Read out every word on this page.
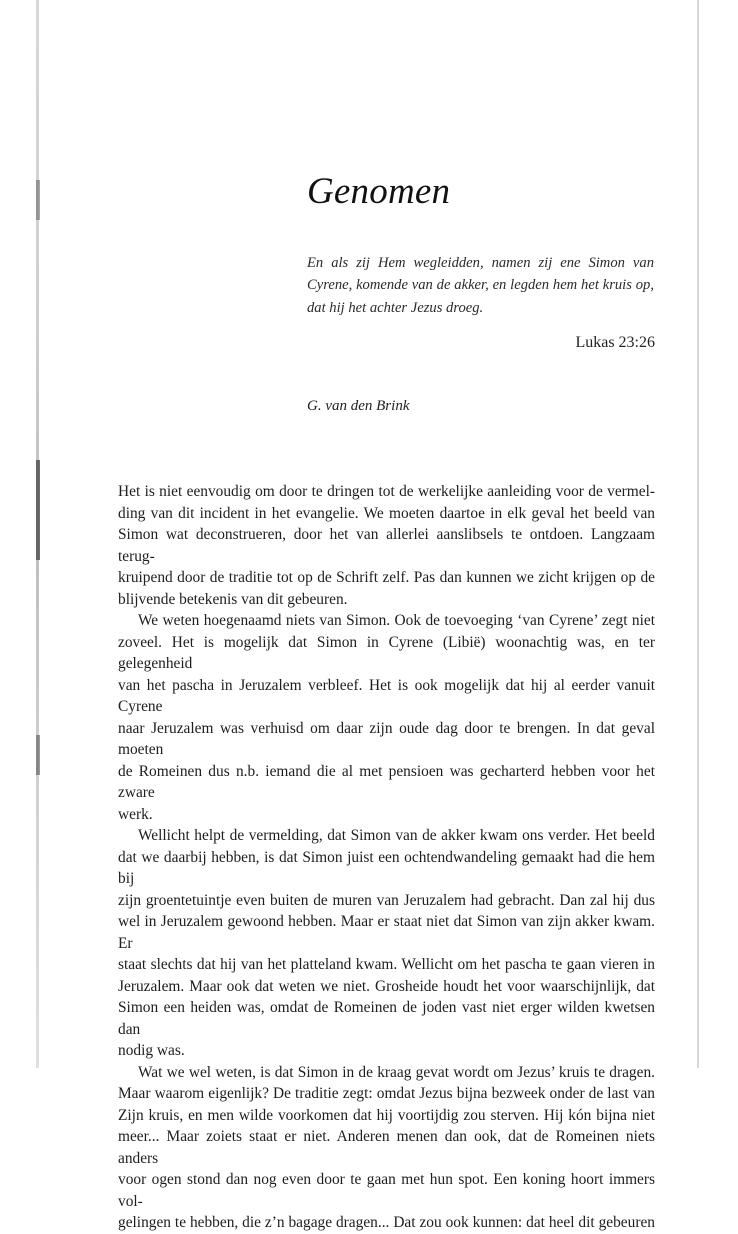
Genomen
En als zij Hem wegleidden, namen zij ene Simon van Cyrene, komende van de akker, en legden hem het kruis op, dat hij het achter Jezus droeg.
Lukas 23:26
G. van den Brink

Het is niet eenvoudig om door te dringen tot de werkelijke aanleiding voor de vermel-

ding van dit incident in het evangelie. We moeten daartoe in elk geval het beeld van

Simon wat deconstrueren, door het van allerlei aanslibsels te ontdoen. Langzaam terug-

kruipend door de traditie tot op de Schrift zelf. Pas dan kunnen we zicht krijgen op de

blijvende betekenis van dit gebeuren.

We weten hoegenaamd niets van Simon. Ook de toevoeging ‘van Cyrene’ zegt niet

zoveel. Het is mogelijk dat Simon in Cyrene (Libië) woonachtig was, en ter gelegenheid

van het pascha in Jeruzalem verbleef. Het is ook mogelijk dat hij al eerder vanuit Cyrene

naar Jeruzalem was verhuisd om daar zijn oude dag door te brengen. In dat geval moeten

de Romeinen dus n.b. iemand die al met pensioen was gecharterd hebben voor het zware

werk.

Wellicht helpt de vermelding, dat Simon van de akker kwam ons verder. Het beeld

dat we daarbij hebben, is dat Simon juist een ochtendwandeling gemaakt had die hem bij

zijn groentetuintje even buiten de muren van Jeruzalem had gebracht. Dan zal hij dus

wel in Jeruzalem gewoond hebben. Maar er staat niet dat Simon van zijn akker kwam. Er

staat slechts dat hij van het platteland kwam. Wellicht om het pascha te gaan vieren in

Jeruzalem. Maar ook dat weten we niet. Grosheide houdt het voor waarschijnlijk, dat

Simon een heiden was, omdat de Romeinen de joden vast niet erger wilden kwetsen dan

nodig was.

Wat we wel weten, is dat Simon in de kraag gevat wordt om Jezus’ kruis te dragen.

Maar waarom eigenlijk? De traditie zegt: omdat Jezus bijna bezweek onder de last van

Zijn kruis, en men wilde voorkomen dat hij voortijdig zou sterven. Hij kón bijna niet

meer... Maar zoiets staat er niet. Anderen menen dan ook, dat de Romeinen niets anders

voor ogen stond dan nog even door te gaan met hun spot. Een koning hoort immers vol-

gelingen te hebben, die z’n bagage dragen... Dat zou ook kunnen: dat heel dit gebeuren
